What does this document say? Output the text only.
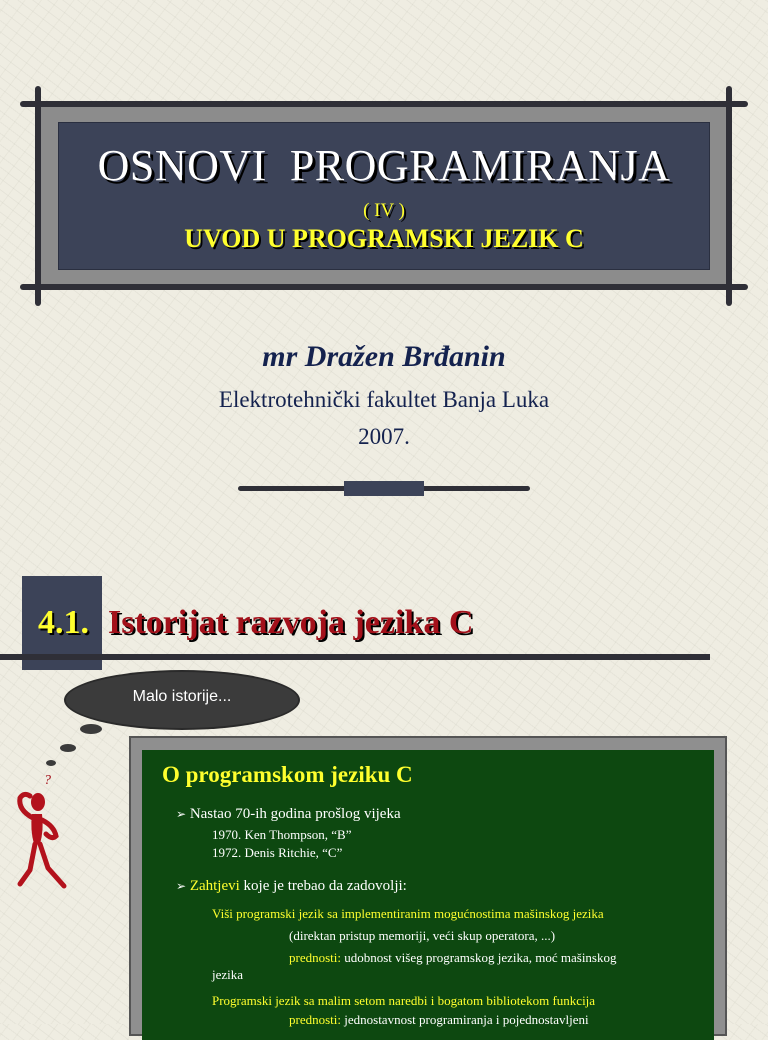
OSNOVI  PROGRAMIRANJA
( IV )
UVOD U PROGRAMSKI JEZIK C
mr Dražen Brđanin
Elektrotehnički fakultet Banja Luka
2007.
4.1. Istorijat razvoja jezika C
Malo istorije...
?	O programskom jeziku C
➢ Nastao 70-ih godina prošlog vijeka
1970. Ken Thompson, “B”
1972. Denis Ritchie, “C”
➢ Zahtjevi koje je trebao da zadovolji:
Viši programski jezik sa implementiranim mogućnostima mašinskog jezika
(direktan pristup memoriji, veći skup operatora, ...)
prednosti: udobnost višeg programskog jezika, moć mašinskog
jezika
Programski jezik sa malim setom naredbi i bogatom bibliotekom funkcija
prednosti: jednostavnost programiranja i pojednostavljeni
